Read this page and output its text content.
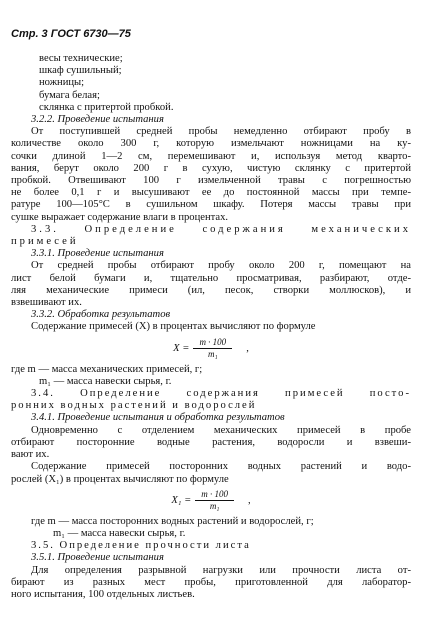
Стр. 3 ГОСТ 6730—75
весы технические;
шкаф сушильный;
ножницы;
бумага белая;
склянка с притертой пробкой.
3.2.2. Проведение испытания
От поступившей средней пробы немедленно отбирают пробу в
количестве около 300 г, которую измельчают ножницами на ку-
сочки длиной 1—2 см, перемешивают и, используя метод кварто-
вания, берут около 200 г в сухую, чистую склянку с притертой
пробкой. Отвешивают 100 г измельченной травы с погрешностью
не более 0,1 г и высушивают ее до постоянной массы при темпе-
ратуре 100—105°С в сушильном шкафу. Потеря массы травы при
сушке выражает содержание влаги в процентах.
3.3. Определение содержания механических
примесей
3.3.1. Проведение испытания
От средней пробы отбирают пробу около 200 г, помещают на
лист белой бумаги и, тщательно просматривая, разбирают, отде-
ляя механические примеси (ил, песок, створки моллюсков), и
взвешивают их.
3.3.2. Обработка результатов
Содержание примесей (X) в процентах вычисляют по формуле
$X = \frac{m \cdot 100}{\text{m₁}}$ ,
где m — масса механических примесей, г;
m₁ — масса навески сырья, г.
3.4. Определение содержания примесей посто-
ронних водных растений и водорослей
3.4.1. Проведение испытания и обработка результатов
Одновременно с отделением механических примесей в пробе
отбирают посторонние водные растения, водоросли и взвеши-
вают их.
Содержание примесей посторонних водных растений и водо-
рослей (X₁) в процентах вычисляют по формуле
$X_1 = \frac{m \cdot 100}{\text{m₁}}$ ,
где m — масса посторонних водных растений и водорослей, г;
m₁ — масса навески сырья, г.
3.5. Определение прочности листа
3.5.1. Проведение испытания
Для определения разрывной нагрузки или прочности листа от-
бирают из разных мест пробы, приготовленной для лаборатор-
ного испытания, 100 отдельных листьев.
